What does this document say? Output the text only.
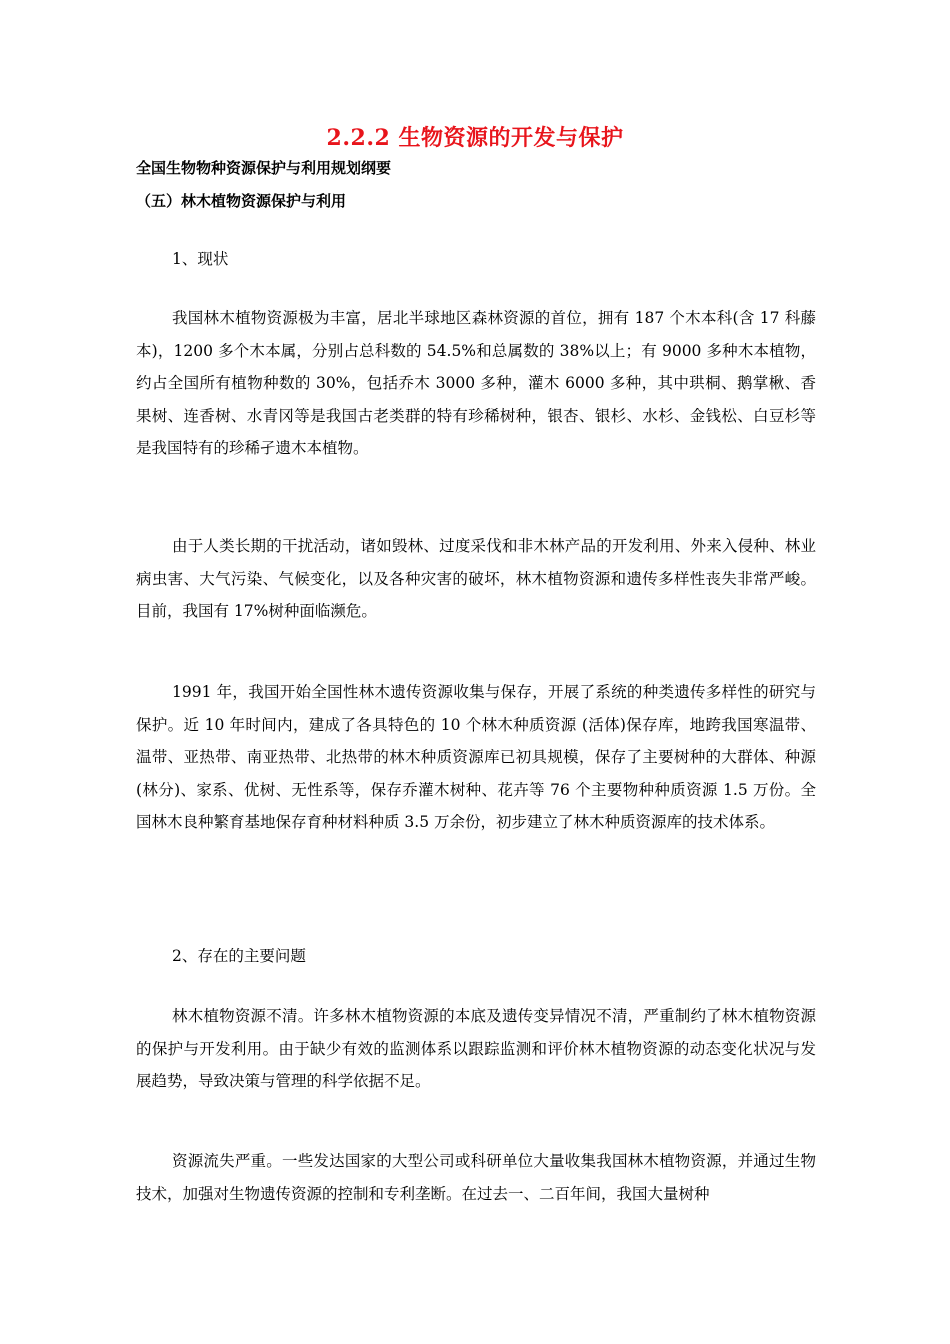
2.2.2 生物资源的开发与保护
全国生物物种资源保护与利用规划纲要
（五）林木植物资源保护与利用
1、现状
我国林木植物资源极为丰富，居北半球地区森林资源的首位，拥有 187 个木本科(含 17 科藤本)，1200 多个木本属，分别占总科数的 54.5%和总属数的 38%以上；有 9000 多种木本植物，约占全国所有植物种数的 30%，包括乔木 3000 多种，灌木 6000 多种，其中珙桐、鹅掌楸、香果树、连香树、水青冈等是我国古老类群的特有珍稀树种，银杏、银杉、水杉、金钱松、白豆杉等是我国特有的珍稀孑遗木本植物。
由于人类长期的干扰活动，诸如毁林、过度采伐和非木林产品的开发利用、外来入侵种、林业病虫害、大气污染、气候变化，以及各种灾害的破坏，林木植物资源和遗传多样性丧失非常严峻。目前，我国有 17%树种面临濒危。
1991 年，我国开始全国性林木遗传资源收集与保存，开展了系统的种类遗传多样性的研究与保护。近 10 年时间内，建成了各具特色的 10 个林木种质资源 (活体)保存库，地跨我国寒温带、温带、亚热带、南亚热带、北热带的林木种质资源库已初具规模，保存了主要树种的大群体、种源(林分)、家系、优树、无性系等，保存乔灌木树种、花卉等 76 个主要物种种质资源 1.5 万份。全国林木良种繁育基地保存育种材料种质 3.5 万余份，初步建立了林木种质资源库的技术体系。
2、存在的主要问题
林木植物资源不清。许多林木植物资源的本底及遗传变异情况不清，严重制约了林木植物资源的保护与开发利用。由于缺少有效的监测体系以跟踪监测和评价林木植物资源的动态变化状况与发展趋势，导致决策与管理的科学依据不足。
资源流失严重。一些发达国家的大型公司或科研单位大量收集我国林木植物资源，并通过生物技术，加强对生物遗传资源的控制和专利垄断。在过去一、二百年间，我国大量树种
